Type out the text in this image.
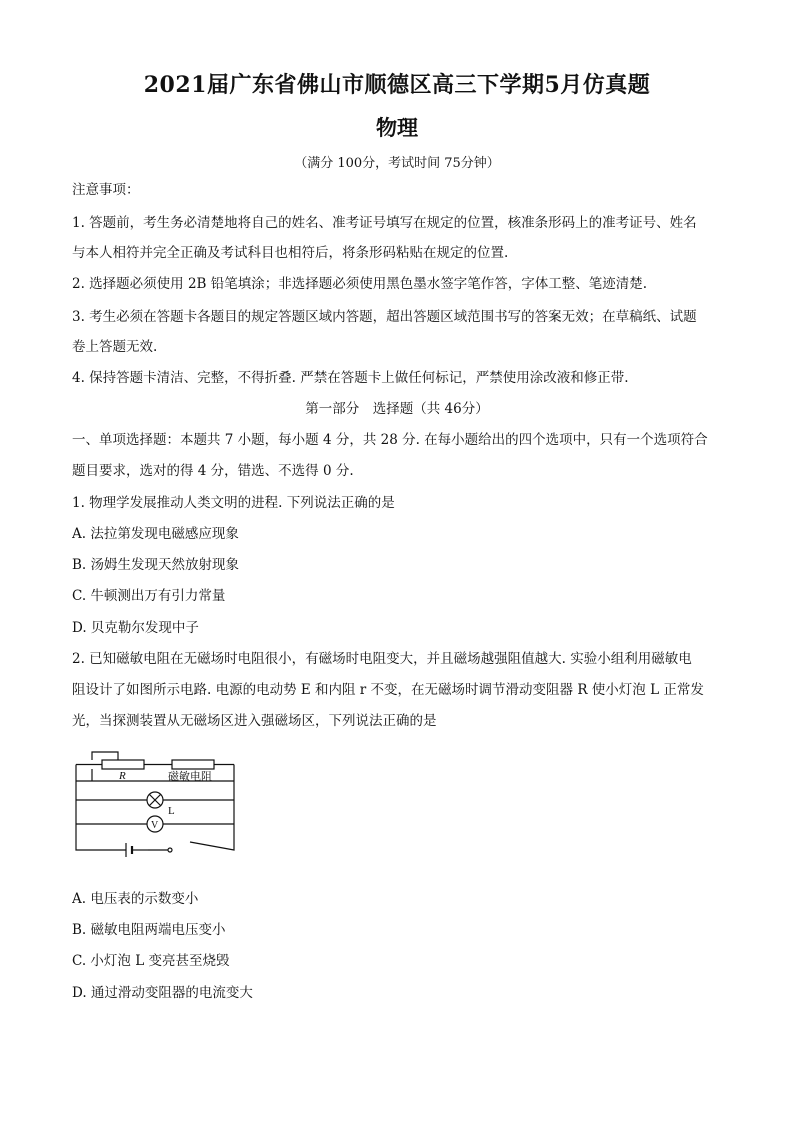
2021届广东省佛山市顺德区高三下学期5月仿真题
物理
（满分 100分，考试时间 75分钟）
注意事项：
1. 答题前，考生务必清楚地将自己的姓名、准考证号填写在规定的位置，核准条形码上的准考证号、姓名
与本人相符并完全正确及考试科目也相符后，将条形码粘贴在规定的位置.
2. 选择题必须使用 2B 铅笔填涂；非选择题必须使用黑色墨水签字笔作答，字体工整、笔迹清楚.
3. 考生必须在答题卡各题目的规定答题区域内答题，超出答题区域范围书写的答案无效；在草稿纸、试题
卷上答题无效.
4. 保持答题卡清洁、完整，不得折叠. 严禁在答题卡上做任何标记，严禁使用涂改液和修正带.
第一部分　选择题（共 46分）
一、单项选择题：本题共 7 小题，每小题 4 分，共 28 分. 在每小题给出的四个选项中，只有一个选项符合
题目要求，选对的得 4 分，错选、不选得 0 分.
1. 物理学发展推动人类文明的进程. 下列说法正确的是
A. 法拉第发现电磁感应现象
B. 汤姆生发现天然放射现象
C. 牛顿测出万有引力常量
D. 贝克勒尔发现中子
2. 已知磁敏电阻在无磁场时电阻很小，有磁场时电阻变大，并且磁场越强阻值越大. 实验小组利用磁敏电
阻设计了如图所示电路. 电源的电动势 E 和内阻 r 不变，在无磁场时调节滑动变阻器 R 使小灯泡 L 正常发
光，当探测装置从无磁场区进入强磁场区，下列说法正确的是
R	磁敏电阻
L
V
A. 电压表的示数变小
B. 磁敏电阻两端电压变小
C. 小灯泡 L 变亮甚至烧毁
D. 通过滑动变阻器的电流变大
